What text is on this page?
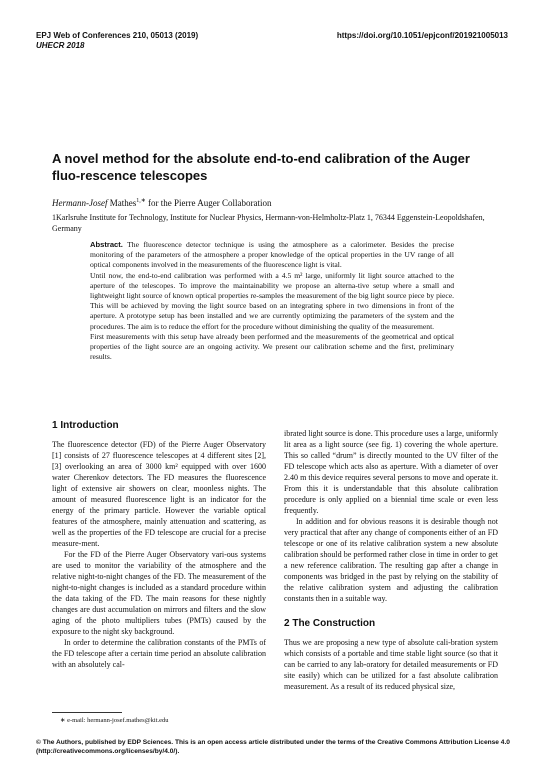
EPJ Web of Conferences 210, 05013 (2019)
UHECR 2018
https://doi.org/10.1051/epjconf/201921005013
A novel method for the absolute end-to-end calibration of the Auger fluo-rescence telescopes
Hermann-Josef Mathes$^{1,∗}$ for the Pierre Auger Collaboration
1Karlsruhe Institute for Technology, Institute for Nuclear Physics, Hermann-von-Helmholtz-Platz 1, 76344 Eggenstein-Leopoldshafen, Germany

Abstract. The fluorescence detector technique is using the atmosphere as a calorimeter. Besides the precise monitoring of the parameters of the atmosphere a proper knowledge of the optical properties in the UV range of all optical components involved in the measurements of the fluorescence light is vital.

Until now, the end-to-end calibration was performed with a 4.5 m² large, uniformly lit light source attached to the aperture of the telescopes. To improve the maintainability we propose an alterna-tive setup where a small and lightweight light source of known optical properties re-samples the measurement of the big light source piece by piece. This will be achieved by moving the light source based on an integrating sphere in two dimensions in front of the aperture. A prototype setup has been installed and we are currently optimizing the parameters of the system and the procedures. The aim is to reduce the effort for the procedure without diminishing the quality of the measurement.

First measurements with this setup have already been performed and the measurements of the geometrical and optical properties of the light source are an ongoing activity. We present our calibration scheme and the first, preliminary results.

1 Introduction

The fluorescence detector (FD) of the Pierre Auger Observatory [1] consists of 27 fluorescence telescopes at 4 different sites [2], [3] overlooking an area of 3000 km² equipped with over 1600 water Cherenkov detectors. The FD measures the fluorescence light of extensive air showers on clear, moonless nights. The amount of measured fluorescence light is an indicator for the energy of the primary particle. However the variable optical features of the atmosphere, mainly attenuation and scattering, as well as the properties of the FD telescope are crucial for a precise measure-ment.

For the FD of the Pierre Auger Observatory vari-ous systems are used to monitor the variability of the atmosphere and the relative night-to-night changes of the FD. The measurement of the night-to-night changes is included as a standard procedure within the data taking of the FD. The main reasons for these nightly changes are dust accumulation on mirrors and filters and the slow aging of the photo multipliers tubes (PMTs) caused by the exposure to the night sky background.

In order to determine the calibration constants of the PMTs of the FD telescope after a certain time period an absolute calibration with an absolutely cal-

ibrated light source is done. This procedure uses a large, uniformly lit area as a light source (see fig. 1) covering the whole aperture. This so called “drum” is directly mounted to the UV filter of the FD telescope which acts also as aperture. With a diameter of over 2.40 m this device requires several persons to move and operate it. From this it is understandable that this absolute calibration procedure is only applied on a biennial time scale or even less frequently.

In addition and for obvious reasons it is desirable though not very practical that after any change of components either of an FD telescope or one of its relative calibration system a new absolute calibration should be performed rather close in time in order to get a new reference calibration. The resulting gap after a change in components was bridged in the past by relying on the stability of the relative calibration system and adjusting the calibration constants then in a suitable way.

2 The Construction

Thus we are proposing a new type of absolute cali-bration system which consists of a portable and time stable light source (so that it can be carried to any lab-oratory for detailed measurements or FD site easily) which can be utilized for a fast absolute calibration measurement. As a result of its reduced physical size,

∗ e-mail: hermann-josef.mathes@kit.edu
© The Authors, published by EDP Sciences. This is an open access article distributed under the terms of the Creative Commons Attribution License 4.0 (http://creativecommons.org/licenses/by/4.0/).
